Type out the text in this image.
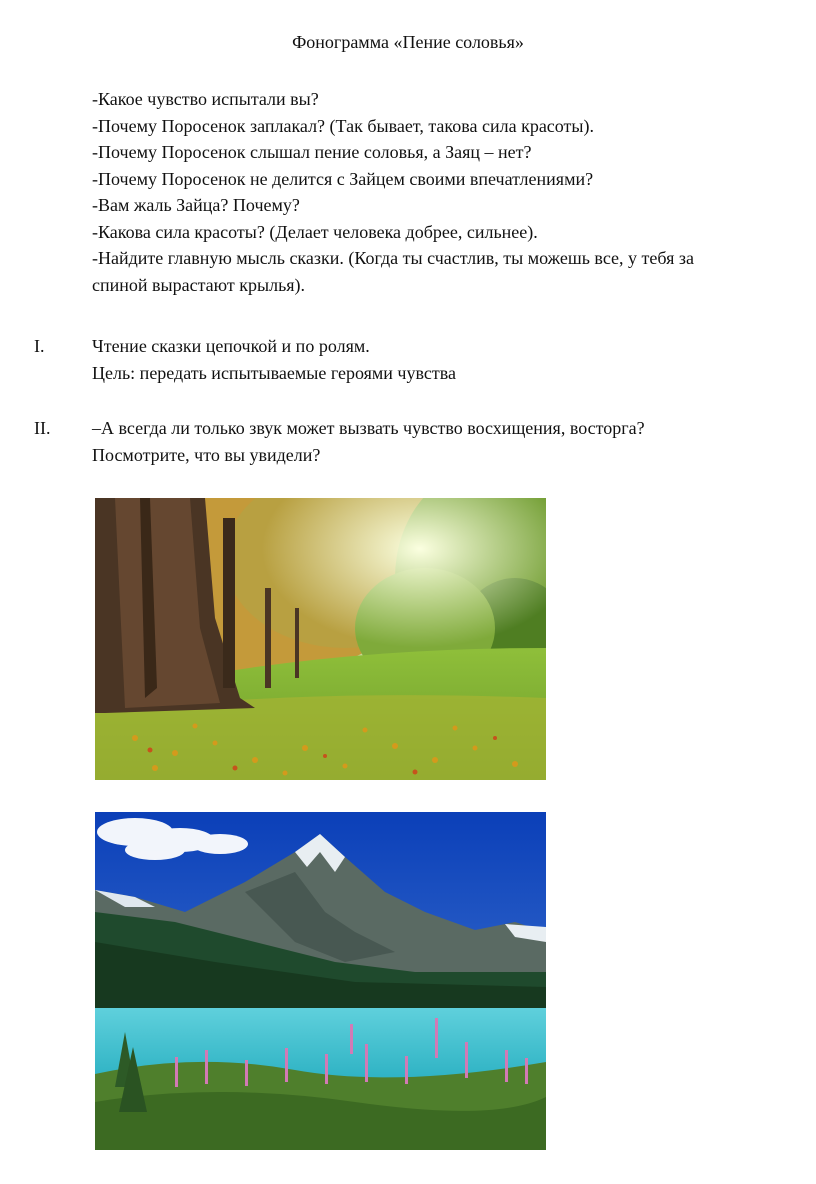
Фонограмма «Пение соловья»
-Какое чувство испытали вы?
-Почему Поросенок заплакал? (Так бывает, такова сила красоты).
-Почему Поросенок слышал пение соловья, а Заяц – нет?
-Почему Поросенок не делится с Зайцем своими впечатлениями?
-Вам жаль Зайца? Почему?
-Какова сила красоты? (Делает человека добрее, сильнее).
-Найдите главную мысль сказки. (Когда ты счастлив, ты можешь все, у тебя за
спиной вырастают крылья).
I.	Чтение сказки цепочкой и по ролям.
Цель: передать испытываемые героями чувства
II.	–А всегда ли только звук может вызвать чувство восхищения, восторга?
Посмотрите, что вы увидели?
